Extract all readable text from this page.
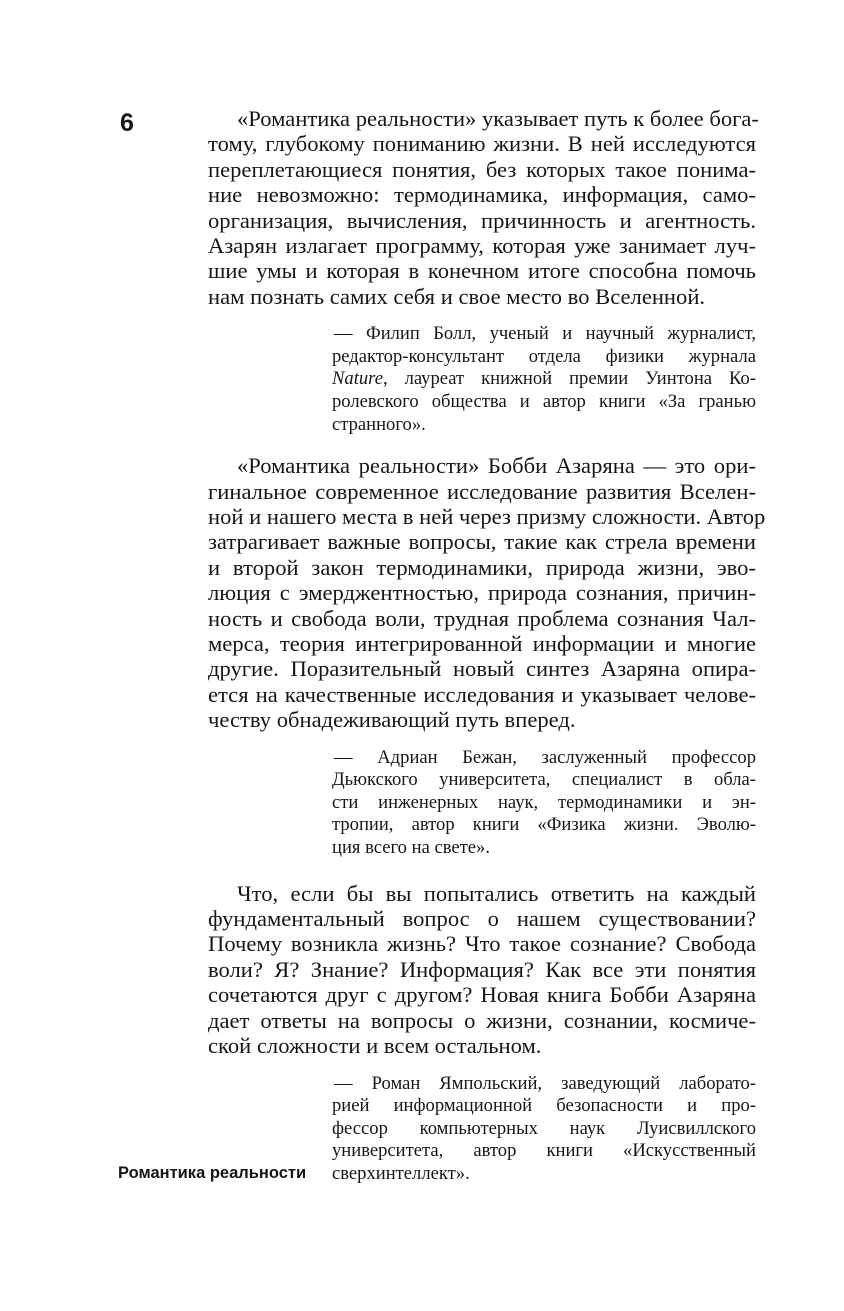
6	«Романтика реальности» указывает путь к более бога-
тому, глубокому пониманию жизни. В ней исследуются
переплетающиеся понятия, без которых такое понима-
ние невозможно: термодинамика, информация, само-
организация, вычисления, причинность и агентность.
Азарян излагает программу, которая уже занимает луч-
шие умы и которая в конечном итоге способна помочь
нам познать самих себя и свое место во Вселенной.
— Филип Болл, ученый и научный журналист,
редактор-консультант отдела физики журнала
Nature, лауреат книжной премии Уинтона Ко-
ролевского общества и автор книги «За гранью
странного».
«Романтика реальности» Бобби Азаряна — это ори-
гинальное современное исследование развития Вселен-
ной и нашего места в ней через призму сложности. Автор
затрагивает важные вопросы, такие как стрела времени
и второй закон термодинамики, природа жизни, эво-
люция с эмерджентностью, природа сознания, причин-
ность и свобода воли, трудная проблема сознания Чал-
мерса, теория интегрированной информации и многие
другие. Поразительный новый синтез Азаряна опира-
ется на качественные исследования и указывает челове-
честву обнадеживающий путь вперед.
— Адриан Бежан, заслуженный профессор
Дьюкского университета, специалист в обла-
сти инженерных наук, термодинамики и эн-
тропии, автор книги «Физика жизни. Эволю-
ция всего на свете».
Что, если бы вы попытались ответить на каждый
фундаментальный вопрос о нашем существовании?
Почему возникла жизнь? Что такое сознание? Свобода
воли? Я? Знание? Информация? Как все эти понятия
сочетаются друг с другом? Новая книга Бобби Азаряна
дает ответы на вопросы о жизни, сознании, космиче-
ской сложности и всем остальном.
— Роман Ямпольский, заведующий лаборато-
рией информационной безопасности и про-
фессор компьютерных наук Луисвиллского
университета, автор книги «Искусственный
сверхинтеллект».
Романтика реальности
